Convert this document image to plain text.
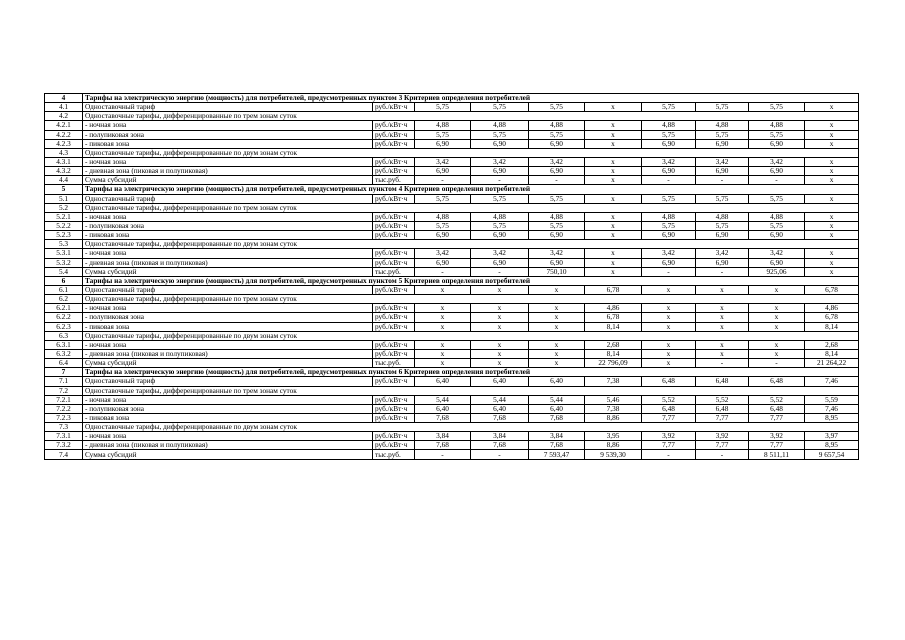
4	Тарифы на электрическую энергию (мощность) для потребителей, предусмотренных пунктом 3 Критериев определения потребителей									
4.1	Одноставочный тариф	руб./кВт·ч	5,75	5,75	5,75	x	5,75	5,75	5,75	x
4.2	Одноставочные тарифы, дифференцированные по трем зонам суток									
4.2.1	- ночная зона	руб./кВт·ч	4,88	4,88	4,88	x	4,88	4,88	4,88	x
4.2.2	- полупиковая зона	руб./кВт·ч	5,75	5,75	5,75	x	5,75	5,75	5,75	x
4.2.3	- пиковая зона	руб./кВт·ч	6,90	6,90	6,90	x	6,90	6,90	6,90	x
4.3	Одноставочные тарифы, дифференцированные по двум зонам суток									
4.3.1	- ночная зона	руб./кВт·ч	3,42	3,42	3,42	x	3,42	3,42	3,42	x
4.3.2	- дневная зона (пиковая и полупиковая)	руб./кВт·ч	6,90	6,90	6,90	x	6,90	6,90	6,90	x
4.4	Сумма субсидий	тыс.руб.	-	-	-	x	-	-	-	x
5	Тарифы на электрическую энергию (мощность) для потребителей, предусмотренных пунктом 4 Критериев определения потребителей									
5.1	Одноставочный тариф	руб./кВт·ч	5,75	5,75	5,75	x	5,75	5,75	5,75	x
5.2	Одноставочные тарифы, дифференцированные по трем зонам суток									
5.2.1	- ночная зона	руб./кВт·ч	4,88	4,88	4,88	x	4,88	4,88	4,88	x
5.2.2	- полупиковая зона	руб./кВт·ч	5,75	5,75	5,75	x	5,75	5,75	5,75	x
5.2.3	- пиковая зона	руб./кВт·ч	6,90	6,90	6,90	x	6,90	6,90	6,90	x
5.3	Одноставочные тарифы, дифференцированные по двум зонам суток									
5.3.1	- ночная зона	руб./кВт·ч	3,42	3,42	3,42	x	3,42	3,42	3,42	x
5.3.2	- дневная зона (пиковая и полупиковая)	руб./кВт·ч	6,90	6,90	6,90	x	6,90	6,90	6,90	x
5.4	Сумма субсидий	тыс.руб.	-	-	750,10	x	-	-	925,06	x
6	Тарифы на электрическую энергию (мощность) для потребителей, предусмотренных пунктом 5 Критериев определения потребителей									
6.1	Одноставочный тариф	руб./кВт·ч	x	x	x	6,78	x	x	x	6,78
6.2	Одноставочные тарифы, дифференцированные по трем зонам суток									
6.2.1	- ночная зона	руб./кВт·ч	x	x	x	4,86	x	x	x	4,86
6.2.2	- полупиковая зона	руб./кВт·ч	x	x	x	6,78	x	x	x	6,78
6.2.3	- пиковая зона	руб./кВт·ч	x	x	x	8,14	x	x	x	8,14
6.3	Одноставочные тарифы, дифференцированные по двум зонам суток									
6.3.1	- ночная зона	руб./кВт·ч	x	x	x	2,68	x	x	x	2,68
6.3.2	- дневная зона (пиковая и полупиковая)	руб./кВт·ч	x	x	x	8,14	x	x	x	8,14
6.4	Сумма субсидий	тыс.руб.	x	x	x	22 796,09	x	-	-	21 264,22
7	Тарифы на электрическую энергию (мощность) для потребителей, предусмотренных пунктом 6 Критериев определения потребителей									
7.1	Одноставочный тариф	руб./кВт·ч	6,40	6,40	6,40	7,38	6,48	6,48	6,48	7,46
7.2	Одноставочные тарифы, дифференцированные по трем зонам суток									
7.2.1	- ночная зона	руб./кВт·ч	5,44	5,44	5,44	5,46	5,52	5,52	5,52	5,59
7.2.2	- полупиковая зона	руб./кВт·ч	6,40	6,40	6,40	7,38	6,48	6,48	6,48	7,46
7.2.3	- пиковая зона	руб./кВт·ч	7,68	7,68	7,68	8,86	7,77	7,77	7,77	8,95
7.3	Одноставочные тарифы, дифференцированные по двум зонам суток									
7.3.1	- ночная зона	руб./кВт·ч	3,84	3,84	3,84	3,95	3,92	3,92	3,92	3,97
7.3.2	- дневная зона (пиковая и полупиковая)	руб./кВт·ч	7,68	7,68	7,68	8,86	7,77	7,77	7,77	8,95
7.4	Сумма субсидий	тыс.руб.	-	-	7 593,47	9 539,30	-	-	8 511,11	9 657,54
